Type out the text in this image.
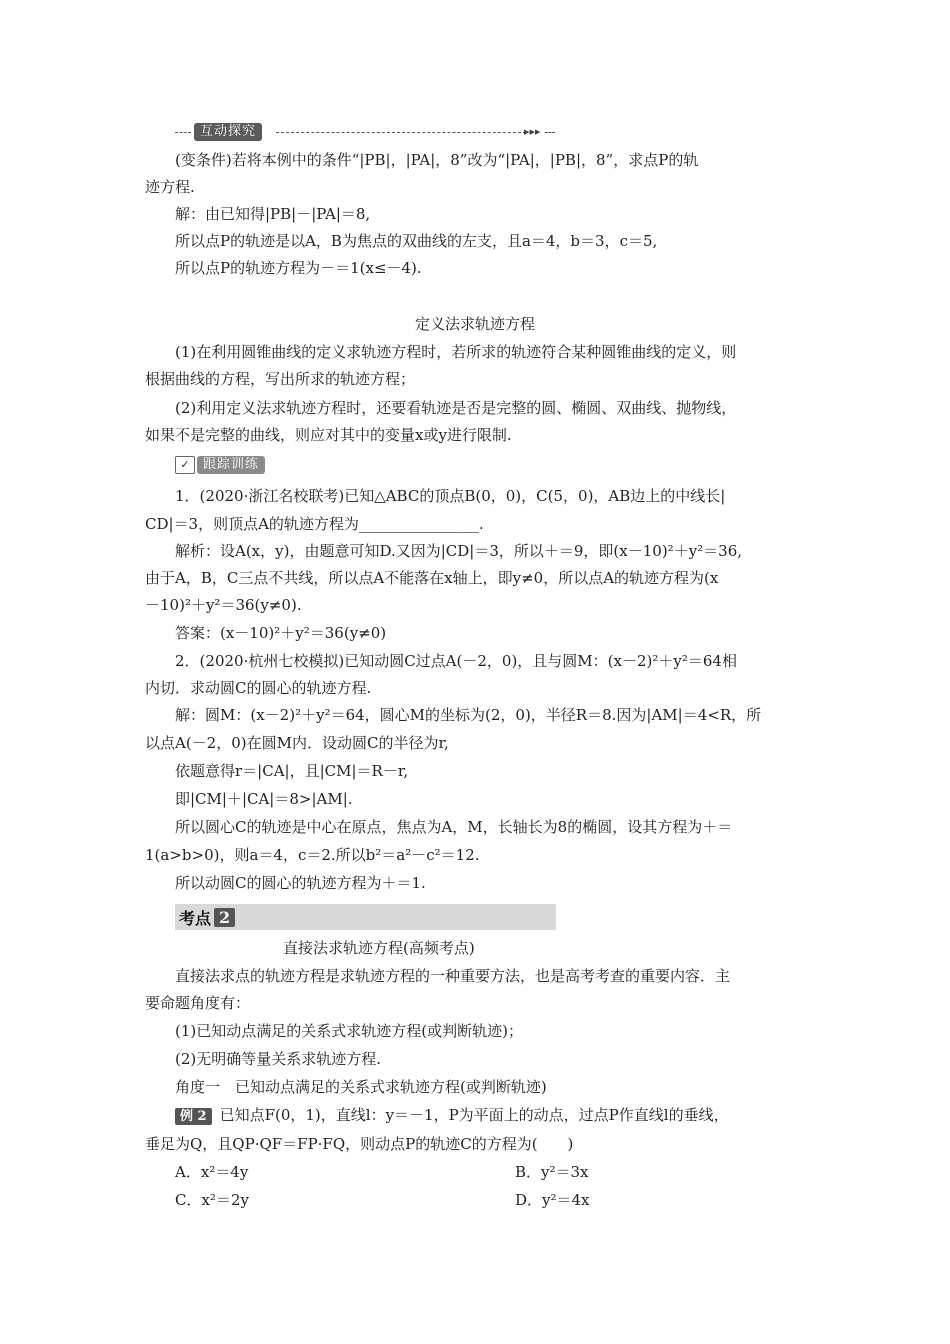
互动探究	▸▸▸
(变条件)若将本例中的条件“|PB|，|PA|，8”改为“|PA|，|PB|，8”，求点P的轨
迹方程.
解：由已知得|PB|－|PA|＝8,
所以点P的轨迹是以A，B为焦点的双曲线的左支，且a＝4，b＝3，c＝5,
所以点P的轨迹方程为－＝1(x≤－4).
定义法求轨迹方程
(1)在利用圆锥曲线的定义求轨迹方程时，若所求的轨迹符合某种圆锥曲线的定义，则
根据曲线的方程，写出所求的轨迹方程；
(2)利用定义法求轨迹方程时，还要看轨迹是否是完整的圆、椭圆、双曲线、抛物线，
如果不是完整的曲线，则应对其中的变量x或y进行限制.
✓	跟踪训练
1．(2020·浙江名校联考)已知△ABC的顶点B(0，0)，C(5，0)，AB边上的中线长|
CD|＝3，则顶点A的轨迹方程为________________.
解析：设A(x，y)，由题意可知D.又因为|CD|＝3，所以＋＝9，即(x－10)²＋y²＝36,
由于A，B，C三点不共线，所以点A不能落在x轴上，即y≠0，所以点A的轨迹方程为(x
－10)²＋y²＝36(y≠0).
答案：(x－10)²＋y²＝36(y≠0)
2．(2020·杭州七校模拟)已知动圆C过点A(－2，0)，且与圆M：(x－2)²＋y²＝64相
内切．求动圆C的圆心的轨迹方程.
解：圆M：(x－2)²＋y²＝64，圆心M的坐标为(2，0)，半径R＝8.因为|AM|＝4<R，所
以点A(－2，0)在圆M内．设动圆C的半径为r,
依题意得r＝|CA|，且|CM|＝R－r,
即|CM|＋|CA|＝8>|AM|.
所以圆心C的轨迹是中心在原点，焦点为A，M，长轴长为8的椭圆，设其方程为＋＝
1(a>b>0)，则a＝4，c＝2.所以b²＝a²－c²＝12.
所以动圆C的圆心的轨迹方程为＋＝1.
考点 2
直接法求轨迹方程(高频考点)
直接法求点的轨迹方程是求轨迹方程的一种重要方法，也是高考考查的重要内容．主
要命题角度有：
(1)已知动点满足的关系式求轨迹方程(或判断轨迹)；
(2)无明确等量关系求轨迹方程.
角度一　已知动点满足的关系式求轨迹方程(或判断轨迹)
例 2 已知点F(0，1)，直线l：y＝－1，P为平面上的动点，过点P作直线l的垂线，
垂足为Q，且QP·QF＝FP·FQ，则动点P的轨迹C的方程为(　　)
A．x²＝4y	B．y²＝3x
C．x²＝2y	D．y²＝4x
